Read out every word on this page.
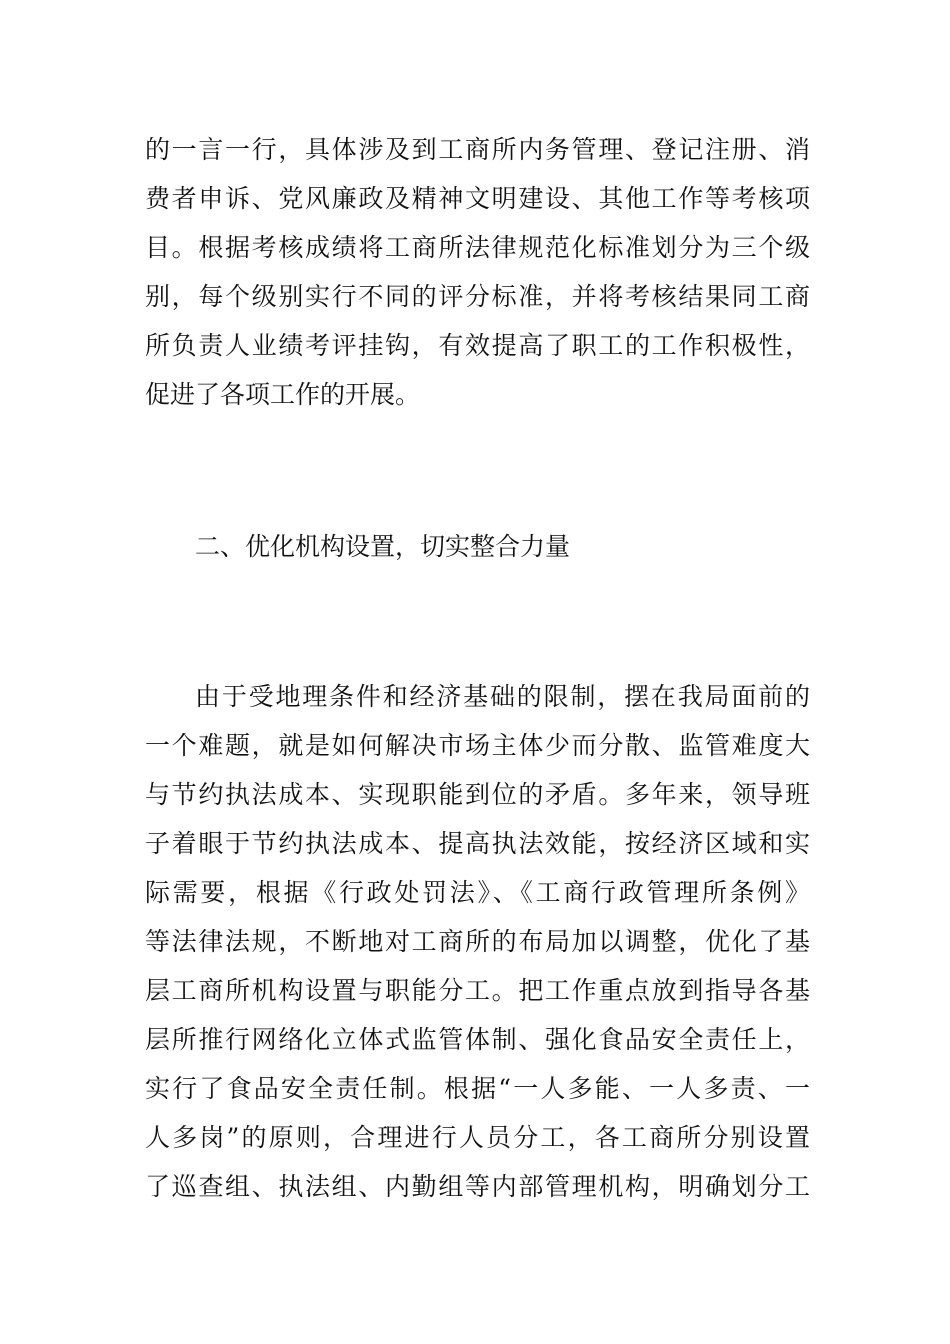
的一言一行，具体涉及到工商所内务管理、登记注册、消
费者申诉、党风廉政及精神文明建设、其他工作等考核项
目。根据考核成绩将工商所法律规范化标准划分为三个级
别，每个级别实行不同的评分标准，并将考核结果同工商
所负责人业绩考评挂钩，有效提高了职工的工作积极性，
促进了各项工作的开展。
二、优化机构设置，切实整合力量
由于受地理条件和经济基础的限制，摆在我局面前的
一个难题，就是如何解决市场主体少而分散、监管难度大
与节约执法成本、实现职能到位的矛盾。多年来，领导班
子着眼于节约执法成本、提高执法效能，按经济区域和实
际需要，根据《行政处罚法》、《工商行政管理所条例》
等法律法规，不断地对工商所的布局加以调整，优化了基
层工商所机构设置与职能分工。把工作重点放到指导各基
层所推行网络化立体式监管体制、强化食品安全责任上，
实行了食品安全责任制。根据“一人多能、一人多责、一
人多岗”的原则，合理进行人员分工，各工商所分别设置
了巡查组、执法组、内勤组等内部管理机构，明确划分工
